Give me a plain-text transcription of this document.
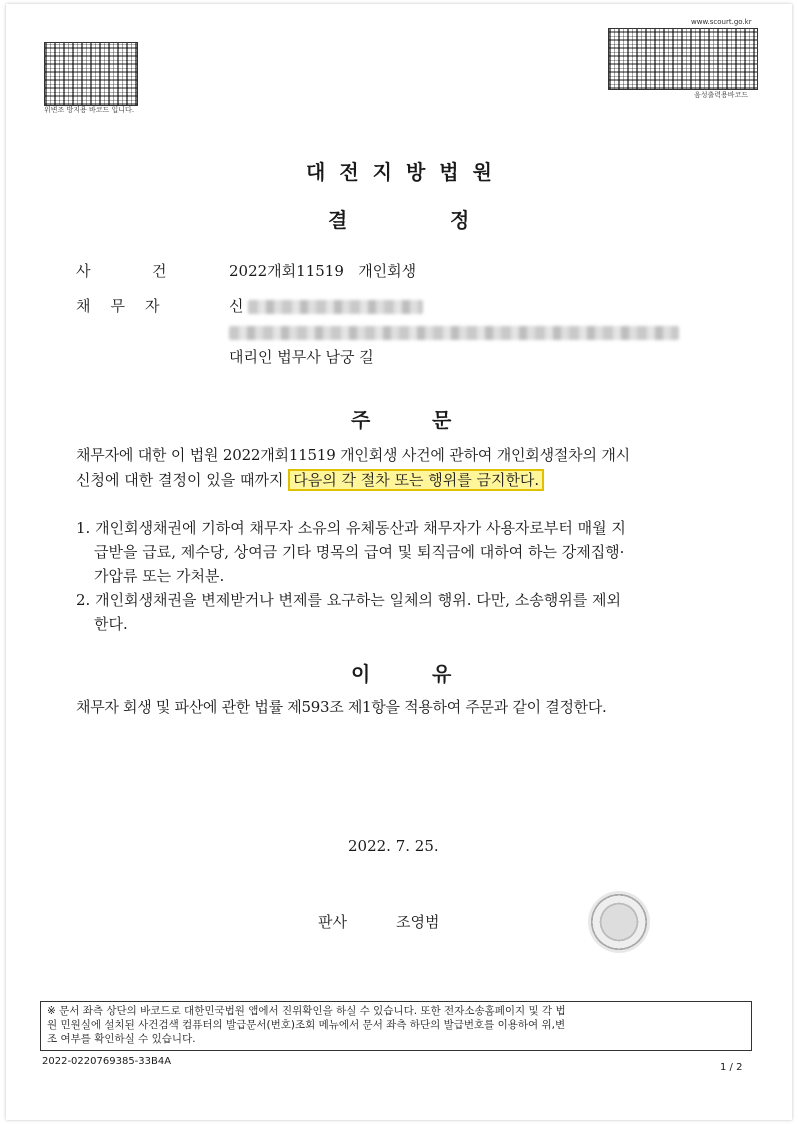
위변조 방지용 바코드 입니다.
www.scourt.go.kr
음성출력용바코드
대전지방법원
결	정
사	건	2022개회11519 개인회생
채무자	신
대리인 법무사 남궁 길
주	문
채무자에 대한 이 법원 2022개회11519 개인회생 사건에 관하여 개인회생절차의 개시
신청에 대한 결정이 있을 때까지 다음의 각 절차 또는 행위를 금지한다.
1. 개인회생채권에 기하여 채무자 소유의 유체동산과 채무자가 사용자로부터 매월 지
급받을 급료, 제수당, 상여금 기타 명목의 급여 및 퇴직금에 대하여 하는 강제집행·
가압류 또는 가처분.
2. 개인회생채권을 변제받거나 변제를 요구하는 일체의 행위. 다만, 소송행위를 제외
한다.
이	유
채무자 회생 및 파산에 관한 법률 제593조 제1항을 적용하여 주문과 같이 결정한다.
2022. 7. 25.
판사	조영범
※ 문서 좌측 상단의 바코드로 대한민국법원 앱에서 진위확인을 하실 수 있습니다. 또한 전자소송홈페이지 및 각 법
원 민원실에 설치된 사건검색 컴퓨터의 발급문서(번호)조회 메뉴에서 문서 좌측 하단의 발급번호를 이용하여 위,변
조 여부를 확인하실 수 있습니다.
2022-0220769385-33B4A
1 / 2
